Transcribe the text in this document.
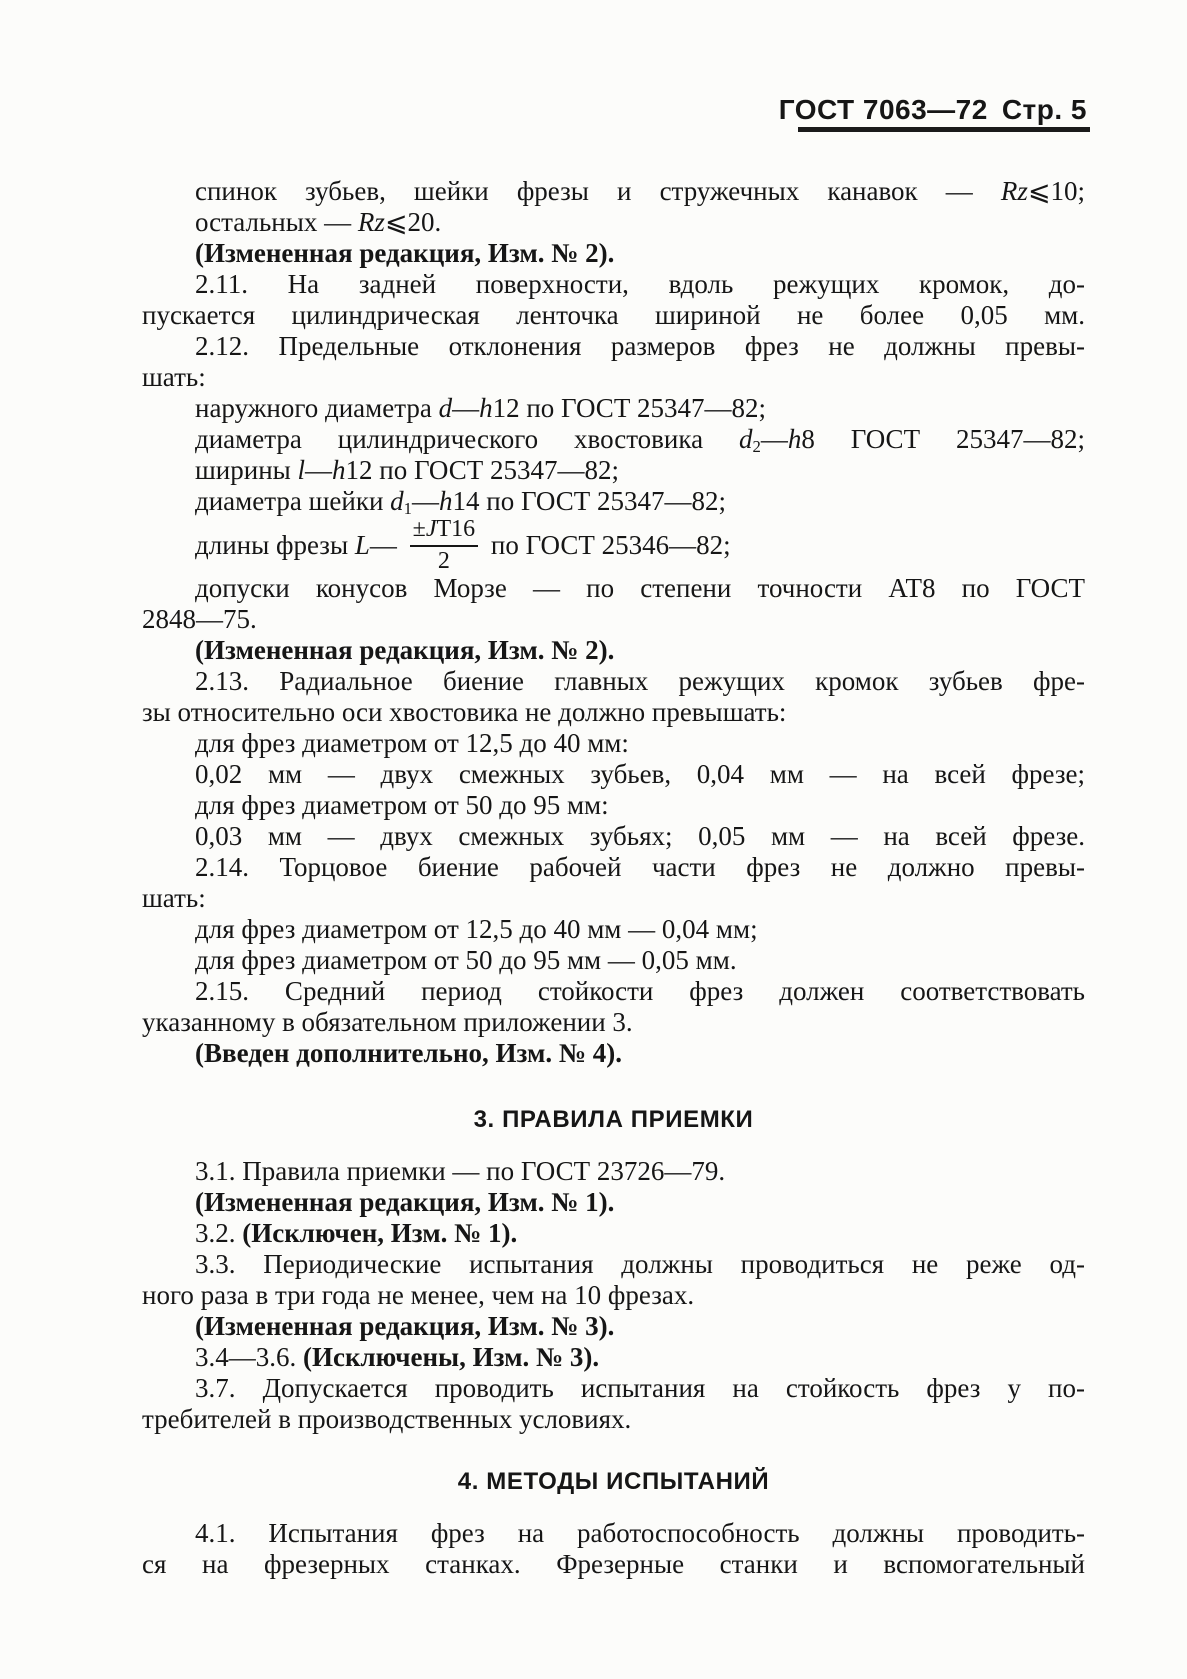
ГОСТ 7063—72 Стр. 5
спинок зубьев, шейки фрезы и стружечных канавок — Rz⩽10;
остальных — Rz⩽20.
(Измененная редакция, Изм. № 2).
2.11. На задней поверхности, вдоль режущих кромок, до-
пускается цилиндрическая ленточка шириной не более 0,05 мм.
2.12. Предельные отклонения размеров фрез не должны превы-
шать:
наружного диаметра d—h12 по ГОСТ 25347—82;
диаметра цилиндрического хвостовика $d_2—h8$ ГОСТ 25347—82;
ширины l—h12 по ГОСТ 25347—82;
диаметра шейки $d_1—h14$ по ГОСТ 25347—82;
длины фрезы L— $\frac{\pm JT16}{2}$ по ГОСТ 25346—82;
допуски конусов Морзе — по степени точности АТ8 по ГОСТ
2848—75.
(Измененная редакция, Изм. № 2).
2.13. Радиальное биение главных режущих кромок зубьев фре-
зы относительно оси хвостовика не должно превышать:
для фрез диаметром от 12,5 до 40 мм:
0,02 мм — двух смежных зубьев, 0,04 мм — на всей фрезе;
для фрез диаметром от 50 до 95 мм:
0,03 мм — двух смежных зубьях; 0,05 мм — на всей фрезе.
2.14. Торцовое биение рабочей части фрез не должно превы-
шать:
для фрез диаметром от 12,5 до 40 мм — 0,04 мм;
для фрез диаметром от 50 до 95 мм — 0,05 мм.
2.15. Средний период стойкости фрез должен соответствовать
указанному в обязательном приложении 3.
(Введен дополнительно, Изм. № 4).
3. ПРАВИЛА ПРИЕМКИ
3.1. Правила приемки — по ГОСТ 23726—79.
(Измененная редакция, Изм. № 1).
3.2. (Исключен, Изм. № 1).
3.3. Периодические испытания должны проводиться не реже од-
ного раза в три года не менее, чем на 10 фрезах.
(Измененная редакция, Изм. № 3).
3.4—3.6. (Исключены, Изм. № 3).
3.7. Допускается проводить испытания на стойкость фрез у по-
требителей в производственных условиях.
4. МЕТОДЫ ИСПЫТАНИЙ
4.1. Испытания фрез на работоспособность должны проводить-
ся на фрезерных станках. Фрезерные станки и вспомогательный
